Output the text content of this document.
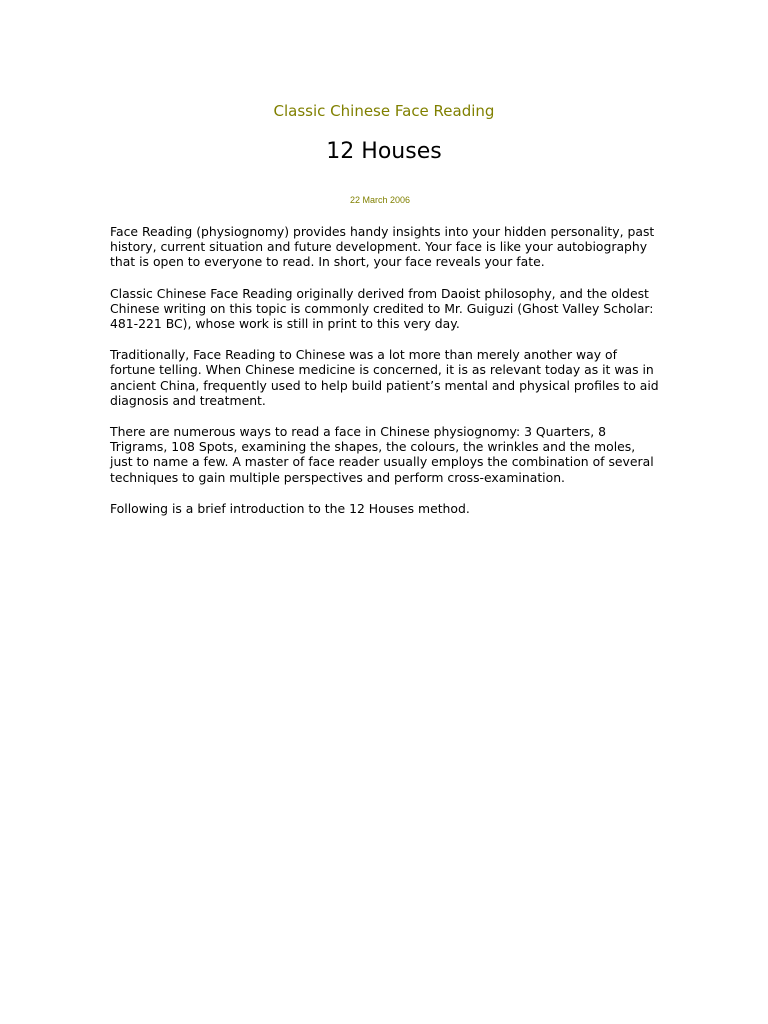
Classic Chinese Face Reading
12 Houses
22 March 2006

Face Reading (physiognomy) provides handy insights into your hidden personality, past history, current situation and future development. Your face is like your autobiography that is open to everyone to read. In short, your face reveals your fate.

Classic Chinese Face Reading originally derived from Daoist philosophy, and the oldest Chinese writing on this topic is commonly credited to Mr. Guiguzi (Ghost Valley Scholar: 481-221 BC), whose work is still in print to this very day.

Traditionally, Face Reading to Chinese was a lot more than merely another way of fortune telling. When Chinese medicine is concerned, it is as relevant today as it was in ancient China, frequently used to help build patient’s mental and physical profiles to aid diagnosis and treatment.

There are numerous ways to read a face in Chinese physiognomy: 3 Quarters, 8 Trigrams, 108 Spots, examining the shapes, the colours, the wrinkles and the moles, just to name a few. A master of face reader usually employs the combination of several techniques to gain multiple perspectives and perform cross-examination.

Following is a brief introduction to the 12 Houses method.
